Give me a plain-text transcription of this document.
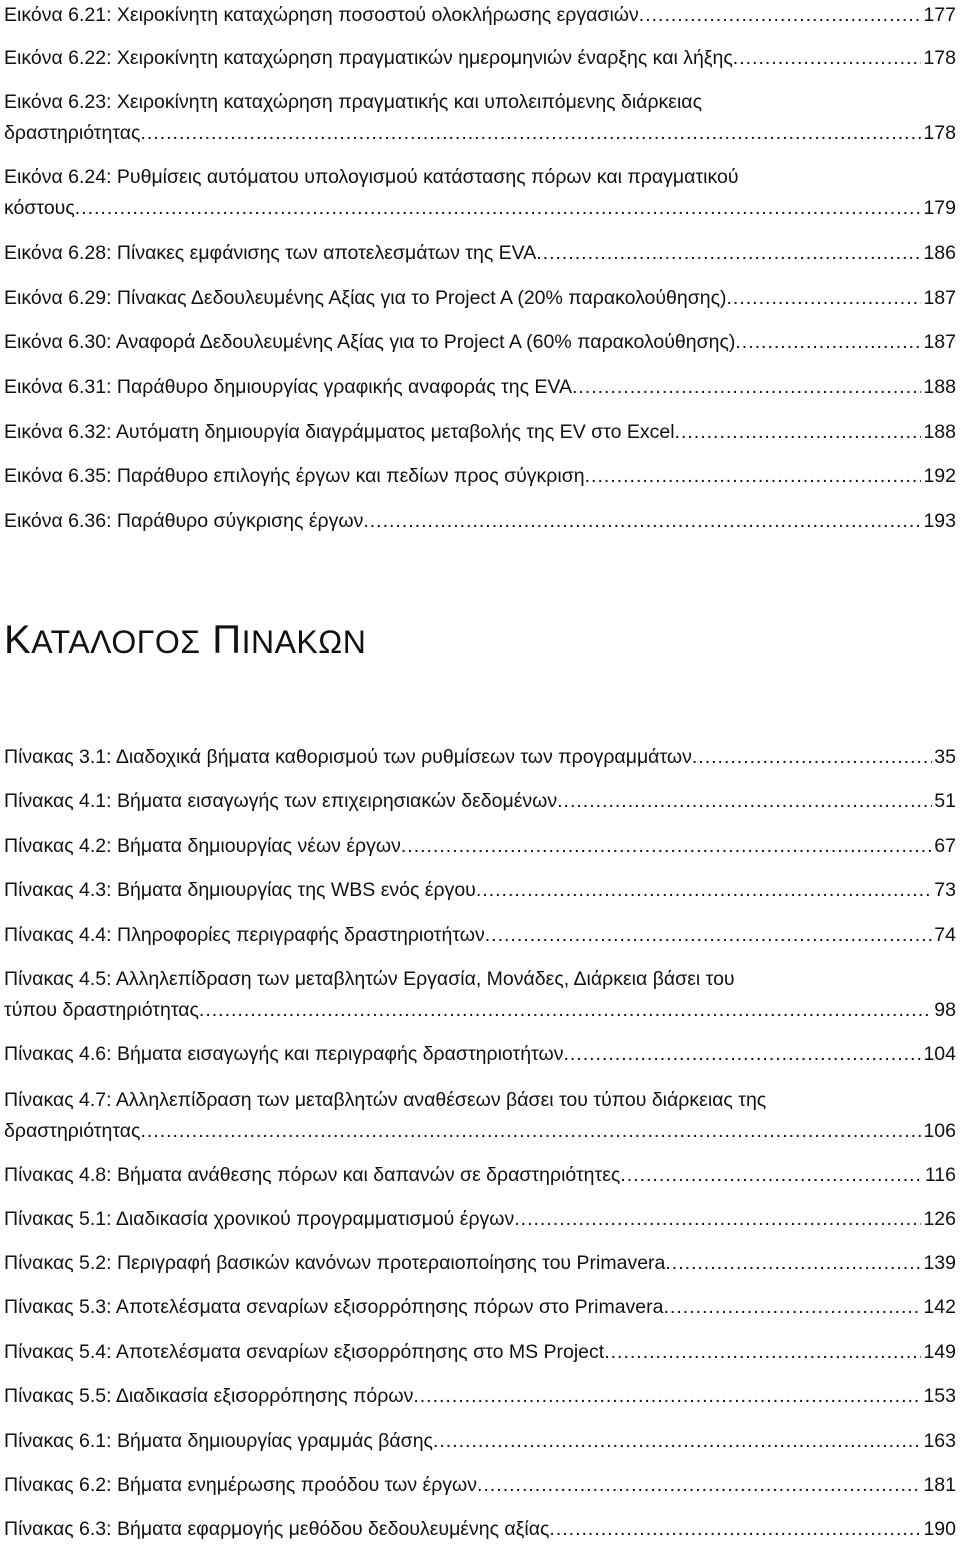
Εικόνα 6.21: Χειροκίνητη καταχώρηση ποσοστού ολοκλήρωσης εργασιών .....	177
Εικόνα 6.22: Χειροκίνητη καταχώρηση πραγματικών ημερομηνιών έναρξης και λήξης .....	178
Εικόνα 6.23: Χειροκίνητη καταχώρηση πραγματικής και υπολειπόμενης διάρκειας
δραστηριότητας .....	178
Εικόνα 6.24: Ρυθμίσεις αυτόματου υπολογισμού κατάστασης πόρων και πραγματικού
κόστους .....	179
Εικόνα 6.28: Πίνακες εμφάνισης των αποτελεσμάτων της EVA .....	186
Εικόνα 6.29: Πίνακας Δεδουλευμένης Αξίας για το Project A (20% παρακολούθησης) .....	187
Εικόνα 6.30: Αναφορά Δεδουλευμένης Αξίας για το Project A (60% παρακολούθησης) .....	187
Εικόνα 6.31: Παράθυρο δημιουργίας γραφικής αναφοράς της EVA .....	188
Εικόνα 6.32: Αυτόματη δημιουργία διαγράμματος μεταβολής της EV στο Excel .....	188
Εικόνα 6.35: Παράθυρο επιλογής έργων και πεδίων προς σύγκριση .....	192
Εικόνα 6.36: Παράθυρο σύγκρισης έργων .....	193
ΚΑΤΑΛΟΓΟΣ ΠΙΝΑΚΩΝ
Πίνακας 3.1: Διαδοχικά βήματα καθορισμού των ρυθμίσεων των προγραμμάτων .....	35
Πίνακας 4.1: Βήματα εισαγωγής των επιχειρησιακών δεδομένων .....	51
Πίνακας 4.2: Βήματα δημιουργίας νέων έργων .....	67
Πίνακας 4.3: Βήματα δημιουργίας της WBS ενός έργου .....	73
Πίνακας 4.4: Πληροφορίες περιγραφής δραστηριοτήτων .....	74
Πίνακας 4.5: Αλληλεπίδραση των μεταβλητών Εργασία, Μονάδες, Διάρκεια βάσει του
τύπου δραστηριότητας .....	98
Πίνακας 4.6: Βήματα εισαγωγής και περιγραφής δραστηριοτήτων .....	104
Πίνακας 4.7: Αλληλεπίδραση των μεταβλητών αναθέσεων βάσει του τύπου διάρκειας της
δραστηριότητας .....	106
Πίνακας 4.8: Βήματα ανάθεσης πόρων και δαπανών σε δραστηριότητες .....	116
Πίνακας 5.1: Διαδικασία χρονικού προγραμματισμού έργων .....	126
Πίνακας 5.2: Περιγραφή βασικών κανόνων προτεραιοποίησης του Primavera .....	139
Πίνακας 5.3: Αποτελέσματα σεναρίων εξισορρόπησης πόρων στο Primavera .....	142
Πίνακας 5.4: Αποτελέσματα σεναρίων εξισορρόπησης στο MS Project .....	149
Πίνακας 5.5: Διαδικασία εξισορρόπησης πόρων .....	153
Πίνακας 6.1: Βήματα δημιουργίας γραμμάς βάσης .....	163
Πίνακας 6.2: Βήματα ενημέρωσης προόδου των έργων .....	181
Πίνακας 6.3: Βήματα εφαρμογής μεθόδου δεδουλευμένης αξίας .....	190
